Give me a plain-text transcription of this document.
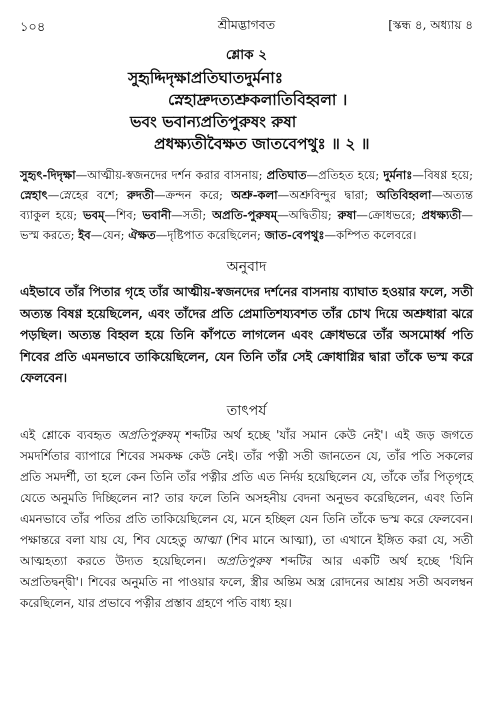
১০৪	শ্রীমদ্ভাগবত	[স্কন্ধ ৪, অধ্যায় ৪
শ্লোক ২
সুহৃদ্দিদৃক্ষাপ্রতিঘাতদুর্মনাঃ
স্নেহাদ্রুদত্যশ্রুকলাতিবিহ্বলা ।
ভবং ভবান্যপ্রতিপুরুষং রুষা
প্রধক্ষ্যতীবৈক্ষত জাতবেপথুঃ ॥ ২ ॥
সুহৃৎ-দিদৃক্ষা—আত্মীয়-স্বজনদের দর্শন করার বাসনায়; প্রতিঘাত—প্রতিহত হয়ে; দুর্মনাঃ—বিষণ্ণ হয়ে; স্নেহাৎ—স্নেহের বশে; রুদতী—ক্রন্দন করে; অশ্রু-কলা—অশ্রুবিন্দুর দ্বারা; অতিবিহ্বলা—অত্যন্ত ব্যাকুল হয়ে; ভবম্—শিব; ভবানী—সতী; অপ্রতি-পুরুষম্—অদ্বিতীয়; রুষা—ক্রোধভরে; প্রধক্ষ্যতী—ভস্ম করতে; ইব—যেন; ঐক্ষত—দৃষ্টিপাত করেছিলেন; জাত-বেপথুঃ—কম্পিত কলেবরে।
অনুবাদ
এইভাবে তাঁর পিতার গৃহে তাঁর আত্মীয়-স্বজনদের দর্শনের বাসনায় ব্যাঘাত হওয়ার ফলে, সতী অত্যন্ত বিষণ্ণ হয়েছিলেন, এবং তাঁদের প্রতি প্রেমাতিশয্যবশত তাঁর চোখ দিয়ে অশ্রুধারা ঝরে পড়ছিল। অত্যন্ত বিহ্বল হয়ে তিনি কাঁপতে লাগলেন এবং ক্রোধভরে তাঁর অসমোর্ধ্ব পতি শিবের প্রতি এমনভাবে তাকিয়েছিলেন, যেন তিনি তাঁর সেই ক্রোধাগ্নির দ্বারা তাঁকে ভস্ম করে ফেলবেন।
তাৎপর্য
এই শ্লোকে ব্যবহৃত অপ্রতিপুরুষম্ শব্দটির অর্থ হচ্ছে 'যাঁর সমান কেউ নেই'। এই জড় জগতে সমদর্শিতার ব্যাপারে শিবের সমকক্ষ কেউ নেই। তাঁর পত্নী সতী জানতেন যে, তাঁর পতি সকলের প্রতি সমদর্শী, তা হলে কেন তিনি তাঁর পত্নীর প্রতি এত নির্দয় হয়েছিলেন যে, তাঁকে তাঁর পিতৃগৃহে যেতে অনুমতি দিচ্ছিলেন না? তার ফলে তিনি অসহনীয় বেদনা অনুভব করেছিলেন, এবং তিনি এমনভাবে তাঁর পতির প্রতি তাকিয়েছিলেন যে, মনে হচ্ছিল যেন তিনি তাঁকে ভস্ম করে ফেলবেন। পক্ষান্তরে বলা যায় যে, শিব যেহেতু আত্মা (শিব মানে আত্মা), তা এখানে ইঙ্গিত করা যে, সতী আত্মহত্যা করতে উদ্যত হয়েছিলেন। অপ্রতিপুরুষ শব্দটির আর একটি অর্থ হচ্ছে 'যিনি অপ্রতিদ্বন্দ্বী'। শিবের অনুমতি না পাওয়ার ফলে, স্ত্রীর অন্তিম অস্ত্র রোদনের আশ্রয় সতী অবলম্বন করেছিলেন, যার প্রভাবে পত্নীর প্রস্তাব গ্রহণে পতি বাধ্য হয়।
